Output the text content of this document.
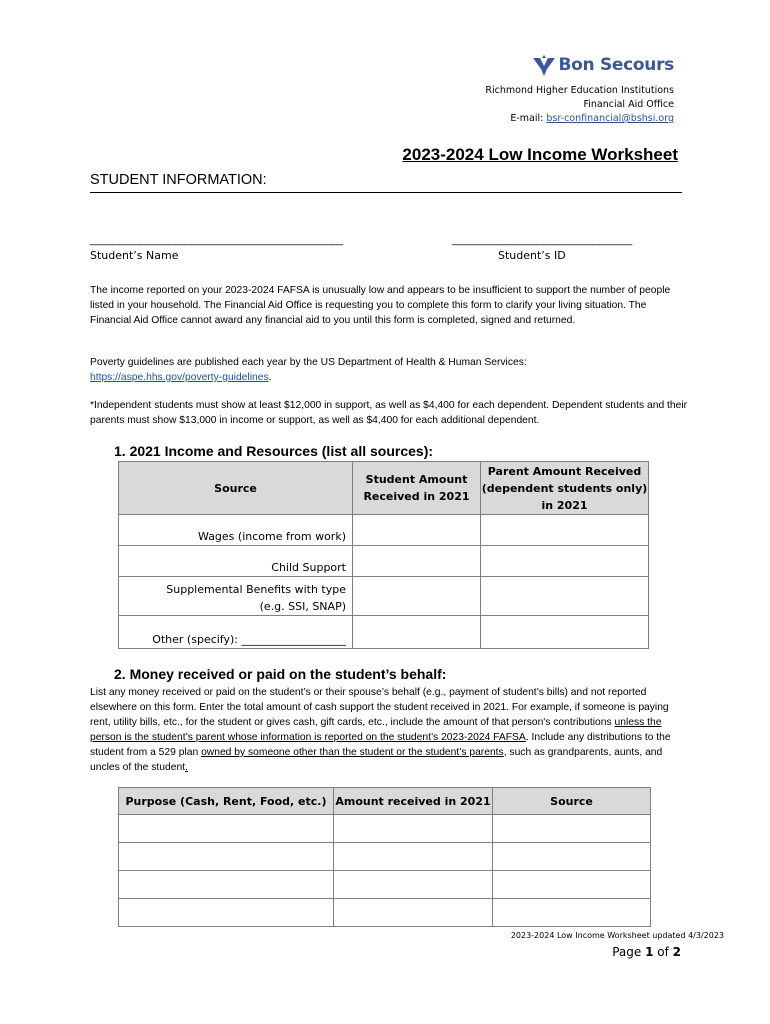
Bon Secours
Richmond Higher Education Institutions
Financial Aid Office
E-mail: bsr-confinancial@bshsi.org
2023-2024 Low Income Worksheet
STUDENT INFORMATION:
_____________________________________________
Student’s Name
________________________________
Student’s ID
The income reported on your 2023-2024 FAFSA is unusually low and appears to be insufficient to support the number of people listed in your household. The Financial Aid Office is requesting you to complete this form to clarify your living situation. The Financial Aid Office cannot award any financial aid to you until this form is completed, signed and returned.
Poverty guidelines are published each year by the US Department of Health & Human Services:
https://aspe.hhs.gov/poverty-guidelines.
*Independent students must show at least $12,000 in support, as well as $4,400 for each dependent. Dependent students and their parents must show $13,000 in income or support, as well as $4,400 for each additional dependent.
1. 2021 Income and Resources (list all sources):
Source	Student Amount Received in 2021	Parent Amount Received (dependent students only) in 2021
Wages (income from work)		
Child Support		

Supplemental Benefits with type
(e.g. SSI, SNAP)		

Other (specify): ___________________		
2. Money received or paid on the student’s behalf:
List any money received or paid on the student’s or their spouse’s behalf (e.g., payment of student’s bills) and not reported elsewhere on this form. Enter the total amount of cash support the student received in 2021. For example, if someone is paying rent, utility bills, etc., for the student or gives cash, gift cards, etc., include the amount of that person's contributions unless the person is the student’s parent whose information is reported on the student’s 2023-2024 FAFSA. Include any distributions to the student from a 529 plan owned by someone other than the student or the student’s parents, such as grandparents, aunts, and uncles of the student.
Purpose (Cash, Rent, Food, etc.)	Amount received in 2021	Source

2023-2024 Low Income Worksheet updated 4/3/2023
Page 1 of 2
